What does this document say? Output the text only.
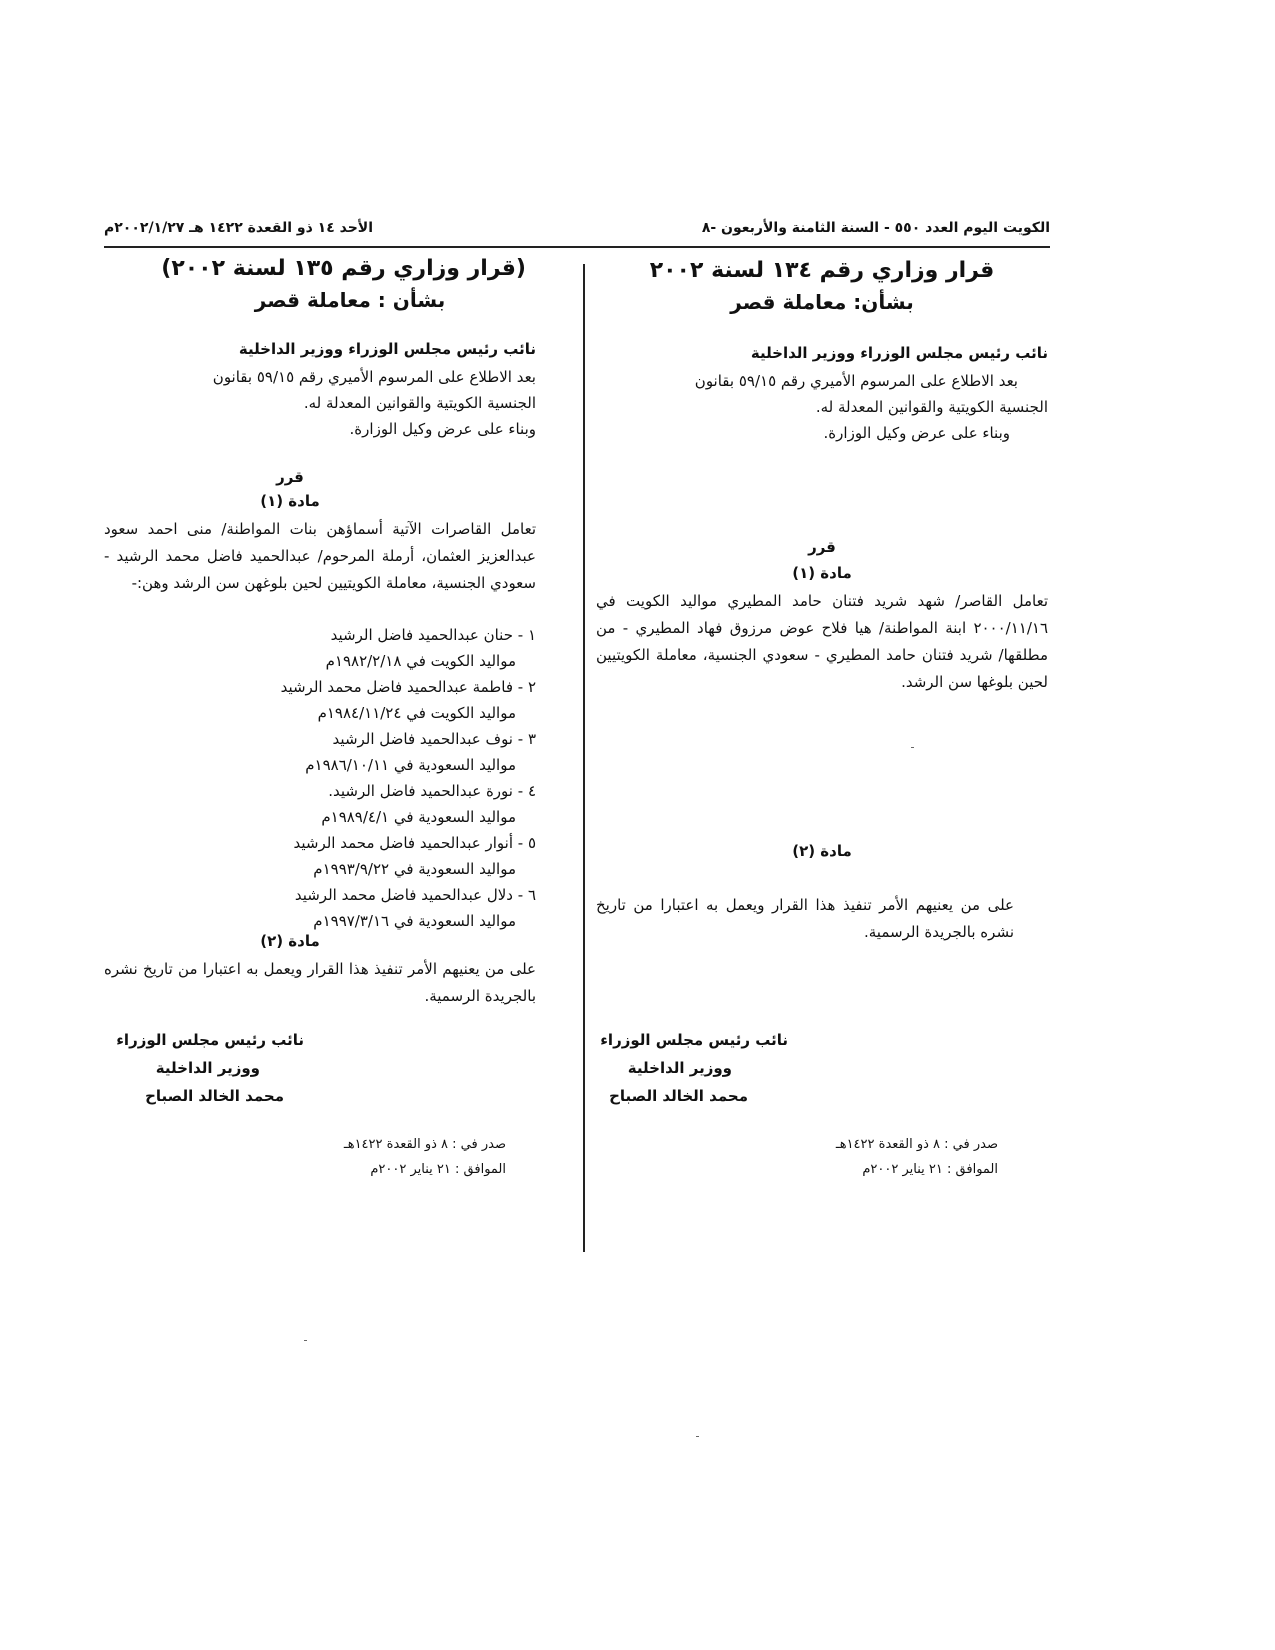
الكويت اليوم العدد ٥٥٠ - السنة الثامنة والأربعون -٨
الأحد ١٤ ذو القعدة ١٤٢٢ هـ ٢٠٠٢/١/٢٧م
قرار وزاري رقم ١٣٤ لسنة ٢٠٠٢
بشأن: معاملة قصر
نائب رئيس مجلس الوزراء ووزير الداخلية
بعد الاطلاع على المرسوم الأميري رقم ٥٩/١٥ بقانون
الجنسية الكويتية والقوانين المعدلة له.
وبناء على عرض وكيل الوزارة.
قرر
مادة (١)
تعامل القاصر/ شهد شريد فتنان حامد المطيري مواليد الكويت في ٢٠٠٠/١١/١٦ ابنة المواطنة/ هيا فلاح عوض مرزوق فهاد المطيري - من مطلقها/ شريد فتنان حامد المطيري - سعودي الجنسية، معاملة الكويتيين لحين بلوغها سن الرشد.
مادة (٢)
على من يعنيهم الأمر تنفيذ هذا القرار ويعمل به اعتبارا من تاريخ نشره بالجريدة الرسمية.
نائب رئيس مجلس الوزراء
ووزير الداخلية
محمد الخالد الصباح
صدر في : ٨ ذو القعدة ١٤٢٢هـ
الموافق : ٢١ يناير ٢٠٠٢م
(قرار وزاري رقم ١٣٥ لسنة ٢٠٠٢)
بشأن : معاملة قصر
نائب رئيس مجلس الوزراء ووزير الداخلية
بعد الاطلاع على المرسوم الأميري رقم ٥٩/١٥ بقانون
الجنسية الكويتية والقوانين المعدلة له.
وبناء على عرض وكيل الوزارة.
قرر
مادة (١)
تعامل القاصرات الآتية أسماؤهن بنات المواطنة/ منى احمد سعود عبدالعزيز العثمان، أرملة المرحوم/ عبدالحميد فاضل محمد الرشيد - سعودي الجنسية، معاملة الكويتيين لحين بلوغهن سن الرشد وهن:-
١ - حنان عبدالحميد فاضل الرشيد
مواليد الكويت في ١٩٨٢/٢/١٨م
٢ - فاطمة عبدالحميد فاضل محمد الرشيد
مواليد الكويت في ١٩٨٤/١١/٢٤م
٣ - نوف عبدالحميد فاضل الرشيد
مواليد السعودية في ١٩٨٦/١٠/١١م
٤ - نورة عبدالحميد فاضل الرشيد.
مواليد السعودية في ١٩٨٩/٤/١م
٥ - أنوار عبدالحميد فاضل محمد الرشيد
مواليد السعودية في ١٩٩٣/٩/٢٢م
٦ - دلال عبدالحميد فاضل محمد الرشيد
مواليد السعودية في ١٩٩٧/٣/١٦م
مادة (٢)
على من يعنيهم الأمر تنفيذ هذا القرار ويعمل به اعتبارا من تاريخ نشره بالجريدة الرسمية.
نائب رئيس مجلس الوزراء
ووزير الداخلية
محمد الخالد الصباح
صدر في : ٨ ذو القعدة ١٤٢٢هـ
الموافق : ٢١ يناير ٢٠٠٢م
